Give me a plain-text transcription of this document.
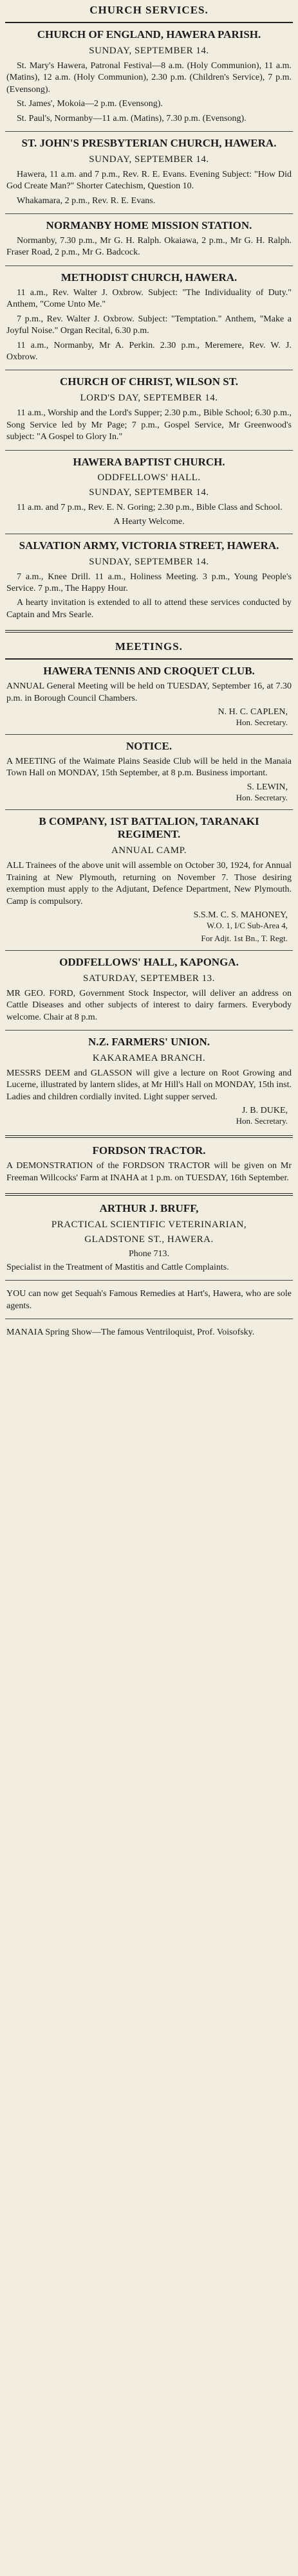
CHURCH SERVICES.
CHURCH OF ENGLAND, HAWERA PARISH.
SUNDAY, SEPTEMBER 14.

St. Mary's Hawera, Patronal Festival—8 a.m. (Holy Communion), 11 a.m. (Matins), 12 a.m. (Holy Communion), 2.30 p.m. (Children's Service), 7 p.m. (Evensong).

St. James', Mokoia—2 p.m. (Evensong).

St. Paul's, Normanby—11 a.m. (Matins), 7.30 p.m. (Evensong).

ST. JOHN'S PRESBYTERIAN CHURCH, HAWERA.
SUNDAY, SEPTEMBER 14.

Hawera, 11 a.m. and 7 p.m., Rev. R. E. Evans. Evening Subject: "How Did God Create Man?" Shorter Catechism, Question 10.

Whakamara, 2 p.m., Rev. R. E. Evans.

NORMANBY HOME MISSION STATION.

Normanby, 7.30 p.m., Mr G. H. Ralph. Okaiawa, 2 p.m., Mr G. H. Ralph. Fraser Road, 2 p.m., Mr G. Badcock.

METHODIST CHURCH, HAWERA.

11 a.m., Rev. Walter J. Oxbrow. Subject: "The Individuality of Duty." Anthem, "Come Unto Me."

7 p.m., Rev. Walter J. Oxbrow. Subject: "Temptation." Anthem, "Make a Joyful Noise." Organ Recital, 6.30 p.m.

11 a.m., Normanby, Mr A. Perkin. 2.30 p.m., Meremere, Rev. W. J. Oxbrow.

CHURCH OF CHRIST, WILSON ST.
LORD'S DAY, SEPTEMBER 14.

11 a.m., Worship and the Lord's Supper; 2.30 p.m., Bible School; 6.30 p.m., Song Service led by Mr Page; 7 p.m., Gospel Service, Mr Greenwood's subject: "A Gospel to Glory In."

HAWERA BAPTIST CHURCH.
ODDFELLOWS' HALL.
SUNDAY, SEPTEMBER 14.

11 a.m. and 7 p.m., Rev. E. N. Goring; 2.30 p.m., Bible Class and School.

A Hearty Welcome.
SALVATION ARMY, VICTORIA STREET, HAWERA.
SUNDAY, SEPTEMBER 14.

7 a.m., Knee Drill. 11 a.m., Holiness Meeting. 3 p.m., Young People's Service. 7 p.m., The Happy Hour.

A hearty invitation is extended to all to attend these services conducted by Captain and Mrs Searle.

MEETINGS.
HAWERA TENNIS AND CROQUET CLUB.

ANNUAL General Meeting will be held on TUESDAY, September 16, at 7.30 p.m. in Borough Council Chambers.

N. H. C. CAPLEN,
Hon. Secretary.
NOTICE.

A MEETING of the Waimate Plains Seaside Club will be held in the Manaia Town Hall on MONDAY, 15th September, at 8 p.m. Business important.

S. LEWIN,
Hon. Secretary.
B COMPANY, 1ST BATTALION, TARANAKI REGIMENT.
ANNUAL CAMP.

ALL Trainees of the above unit will assemble on October 30, 1924, for Annual Training at New Plymouth, returning on November 7. Those desiring exemption must apply to the Adjutant, Defence Department, New Plymouth. Camp is compulsory.

S.S.M. C. S. MAHONEY,
W.O. 1, I/C Sub-Area 4,
For Adjt. 1st Bn., T. Regt.
ODDFELLOWS' HALL, KAPONGA.
SATURDAY, SEPTEMBER 13.

MR GEO. FORD, Government Stock Inspector, will deliver an address on Cattle Diseases and other subjects of interest to dairy farmers. Everybody welcome. Chair at 8 p.m.

N.Z. FARMERS' UNION.
KAKARAMEA BRANCH.

MESSRS DEEM and GLASSON will give a lecture on Root Growing and Lucerne, illustrated by lantern slides, at Mr Hill's Hall on MONDAY, 15th inst. Ladies and children cordially invited. Light supper served.

J. B. DUKE,
Hon. Secretary.
FORDSON TRACTOR.

A DEMONSTRATION of the FORDSON TRACTOR will be given on Mr Freeman Willcocks' Farm at INAHA at 1 p.m. on TUESDAY, 16th September.

ARTHUR J. BRUFF,
PRACTICAL SCIENTIFIC VETERINARIAN,
GLADSTONE ST., HAWERA.
Phone 713.

Specialist in the Treatment of Mastitis and Cattle Complaints.

YOU can now get Sequah's Famous Remedies at Hart's, Hawera, who are sole agents.

MANAIA Spring Show—The famous Ventriloquist, Prof. Voisofsky.
